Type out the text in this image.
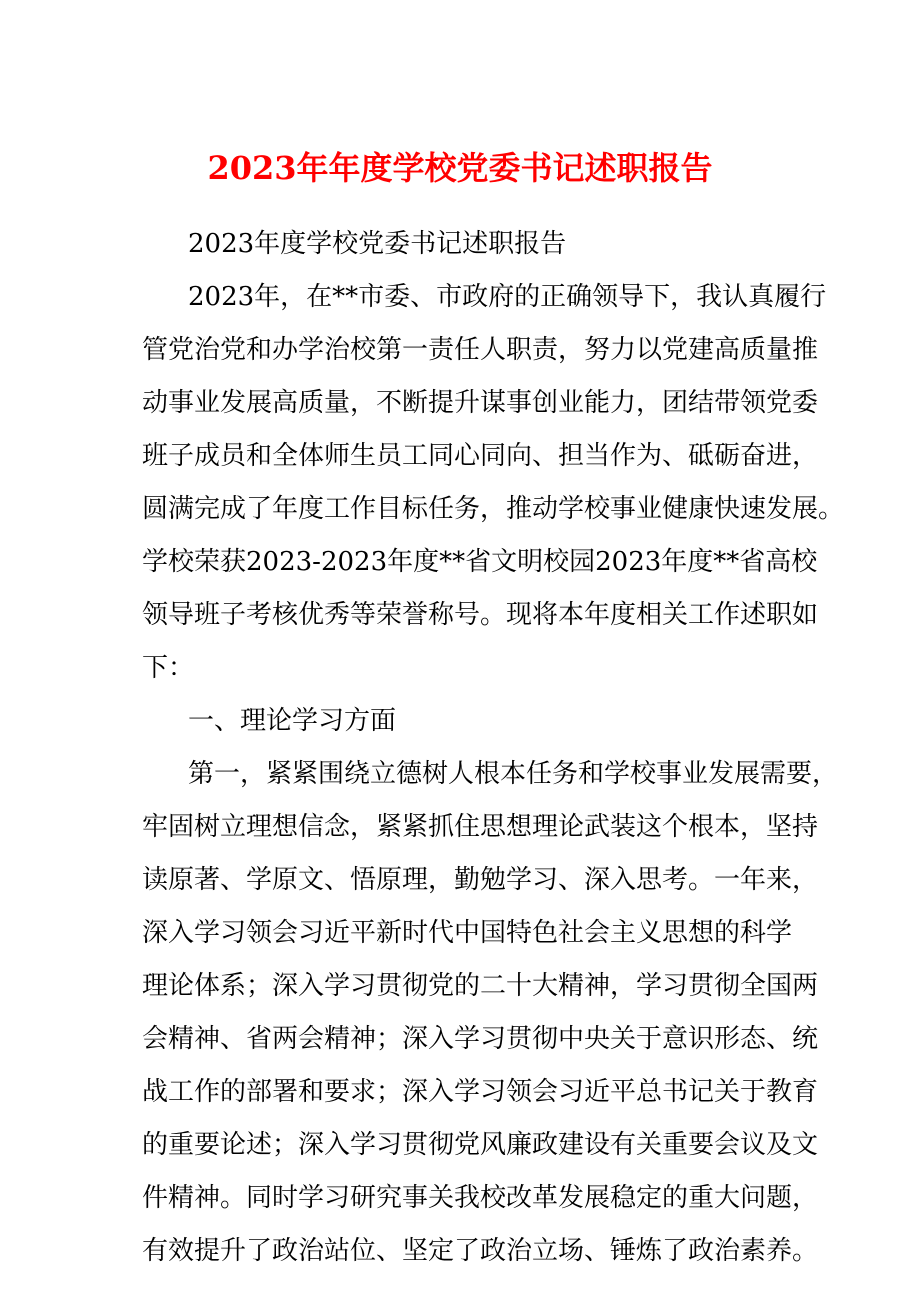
2023年年度学校党委书记述职报告
2023年度学校党委书记述职报告
2023年，在**市委、市政府的正确领导下，我认真履行
管党治党和办学治校第一责任人职责，努力以党建高质量推
动事业发展高质量，不断提升谋事创业能力，团结带领党委
班子成员和全体师生员工同心同向、担当作为、砥砺奋进，
圆满完成了年度工作目标任务，推动学校事业健康快速发展。
学校荣获2023-2023年度**省文明校园2023年度**省高校
领导班子考核优秀等荣誉称号。现将本年度相关工作述职如
下：
一、理论学习方面
第一，紧紧围绕立德树人根本任务和学校事业发展需要，
牢固树立理想信念，紧紧抓住思想理论武装这个根本，坚持
读原著、学原文、悟原理，勤勉学习、深入思考。一年来，
深入学习领会习近平新时代中国特色社会主义思想的科学
理论体系；深入学习贯彻党的二十大精神，学习贯彻全国两
会精神、省两会精神；深入学习贯彻中央关于意识形态、统
战工作的部署和要求；深入学习领会习近平总书记关于教育
的重要论述；深入学习贯彻党风廉政建设有关重要会议及文
件精神。同时学习研究事关我校改革发展稳定的重大问题，
有效提升了政治站位、坚定了政治立场、锤炼了政治素养。
